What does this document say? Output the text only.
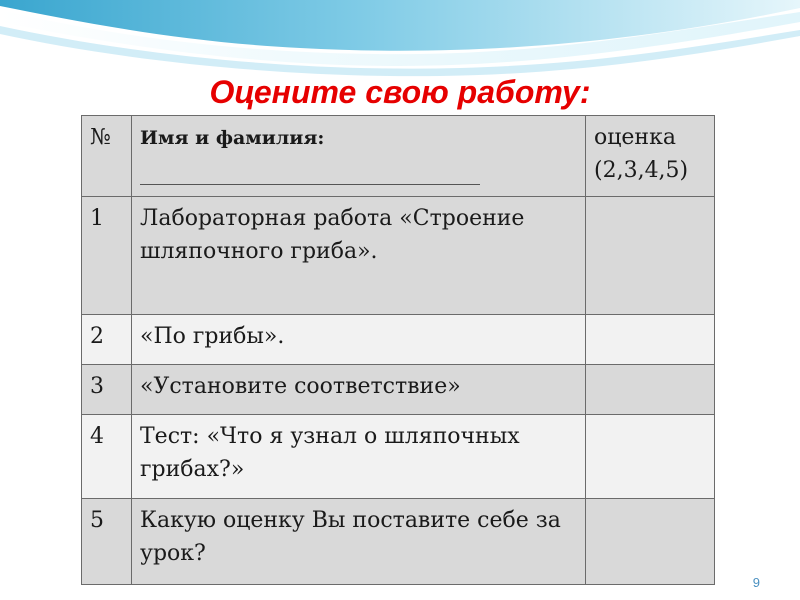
Оцените свою работу:
№	Имя и фамилия:	оценка (2,3,4,5)
1	Лабораторная работа «Строение шляпочного гриба».	
2	«По грибы».	
3	«Установите соответствие»	
4	Тест: «Что я узнал о шляпочных грибах?»	
5	Какую оценку Вы поставите себе за урок?	
9
